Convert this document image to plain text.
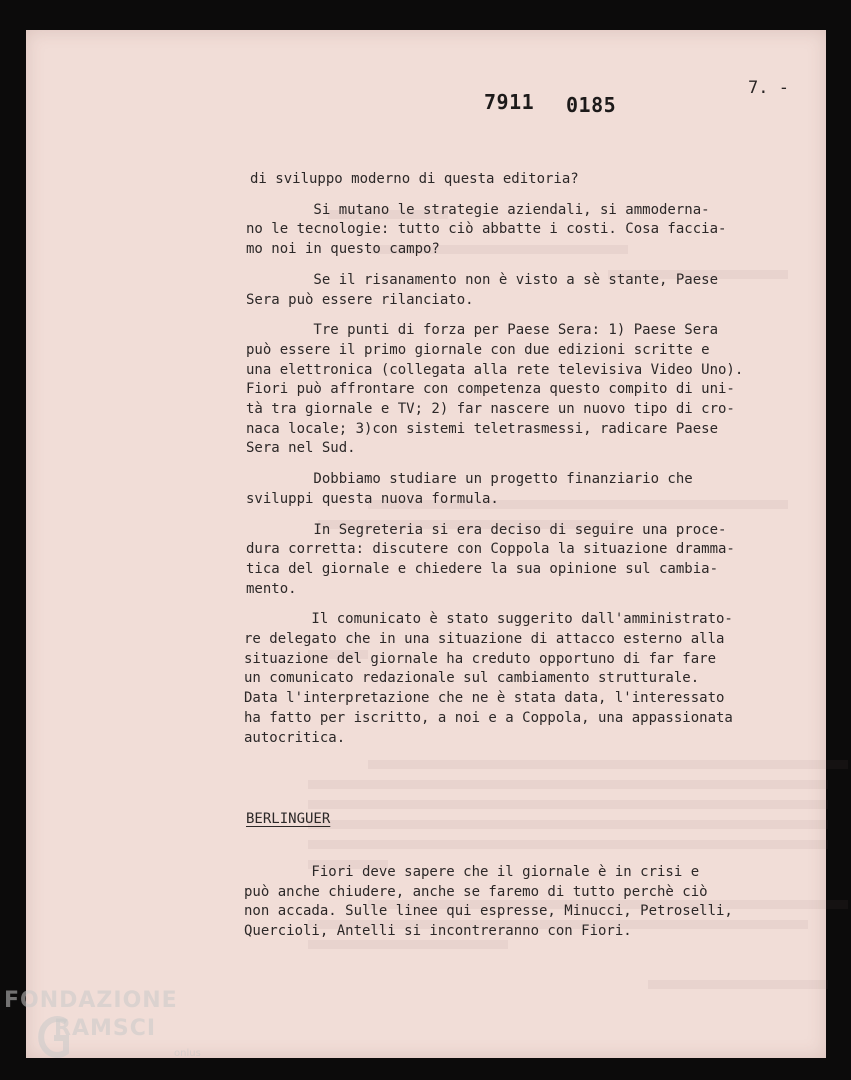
7911 0185
7. -

di sviluppo moderno di questa editoria?

Si mutano le strategie aziendali, si ammoderna-
no le tecnologie: tutto ciò abbatte i costi. Cosa faccia-
mo noi in questo campo?

Se il risanamento non è visto a sè stante, Paese
Sera può essere rilanciato.

Tre punti di forza per Paese Sera: 1) Paese Sera
può essere il primo giornale con due edizioni scritte e
una elettronica (collegata alla rete televisiva Video Uno).
Fiori può affrontare con competenza questo compito di uni-
tà tra giornale e TV; 2) far nascere un nuovo tipo di cro-
naca locale; 3)con sistemi teletrasmessi, radicare Paese
Sera nel Sud.

Dobbiamo studiare un progetto finanziario che
sviluppi questa nuova formula.

In Segreteria si era deciso di seguire una proce-
dura corretta: discutere con Coppola la situazione dramma-
tica del giornale e chiedere la sua opinione sul cambia-
mento.

Il comunicato è stato suggerito dall'amministrato-
re delegato che in una situazione di attacco esterno alla
situazione del giornale ha creduto opportuno di far fare
un comunicato redazionale sul cambiamento strutturale.
Data l'interpretazione che ne è stata data, l'interessato
ha fatto per iscritto, a noi e a Coppola, una appassionata
autocritica.

BERLINGUER

Fiori deve sapere che il giornale è in crisi e
può anche chiudere, anche se faremo di tutto perchè ciò
non accada. Sulle linee qui espresse, Minucci, Petroselli,
Quercioli, Antelli si incontreranno con Fiori.

FONDAZIONE
RAMSCI
onlus
